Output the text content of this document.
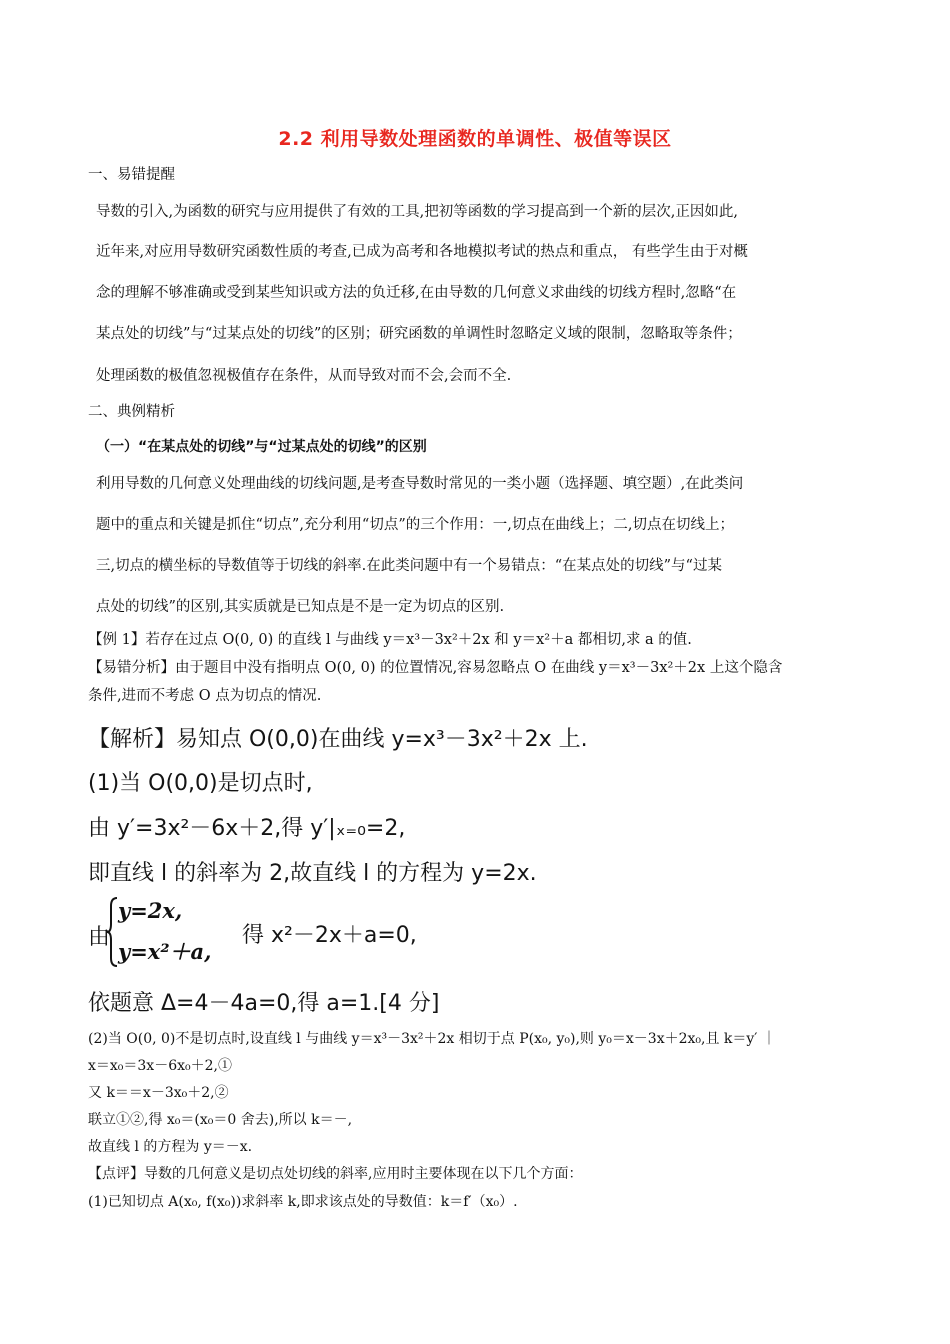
2.2 利用导数处理函数的单调性、极值等误区
一、易错提醒
导数的引入,为函数的研究与应用提供了有效的工具,把初等函数的学习提高到一个新的层次,正因如此,
近年来,对应用导数研究函数性质的考查,已成为高考和各地模拟考试的热点和重点， 有些学生由于对概
念的理解不够准确或受到某些知识或方法的负迁移,在由导数的几何意义求曲线的切线方程时,忽略“在
某点处的切线”与“过某点处的切线”的区别；研究函数的单调性时忽略定义域的限制，忽略取等条件；
处理函数的极值忽视极值存在条件，从而导致对而不会,会而不全.
二、典例精析
（一）“在某点处的切线”与“过某点处的切线”的区别
利用导数的几何意义处理曲线的切线问题,是考查导数时常见的一类小题（选择题、填空题）,在此类问
题中的重点和关键是抓住“切点”,充分利用“切点”的三个作用：一,切点在曲线上；二,切点在切线上；
三,切点的横坐标的导数值等于切线的斜率.在此类问题中有一个易错点：“在某点处的切线”与“过某
点处的切线”的区别,其实质就是已知点是不是一定为切点的区别.
【例 1】若存在过点 O(0, 0) 的直线 l 与曲线 y＝x³－3x²＋2x 和 y＝x²＋a 都相切,求 a 的值.
【易错分析】由于题目中没有指明点 O(0, 0) 的位置情况,容易忽略点 O 在曲线 y＝x³－3x²＋2x 上这个隐含
条件,进而不考虑 O 点为切点的情况.
【解析】易知点 O(0,0)在曲线 y=x³－3x²＋2x 上.
(1)当 O(0,0)是切点时,
由 y′=3x²－6x＋2,得 y′|ₓ₌₀=2,
即直线 l 的斜率为 2,故直线 l 的方程为 y=2x.
由
y=2x,
y=x²＋a,
得 x²－2x＋a=0,
依题意 Δ=4－4a=0,得 a=1.[4 分]
(2)当 O(0, 0)不是切点时,设直线 l 与曲线 y＝x³－3x²＋2x 相切于点 P(x₀, y₀),则 y₀＝x－3x＋2x₀,且 k＝y′ ｜
x＝x₀＝3x－6x₀＋2,①
又 k＝＝x－3x₀＋2,②
联立①②,得 x₀＝(x₀＝0 舍去),所以 k＝－,
故直线 l 的方程为 y＝－x.
【点评】导数的几何意义是切点处切线的斜率,应用时主要体现在以下几个方面：
(1)已知切点 A(x₀, f(x₀))求斜率 k,即求该点处的导数值：k＝f′（x₀）.
